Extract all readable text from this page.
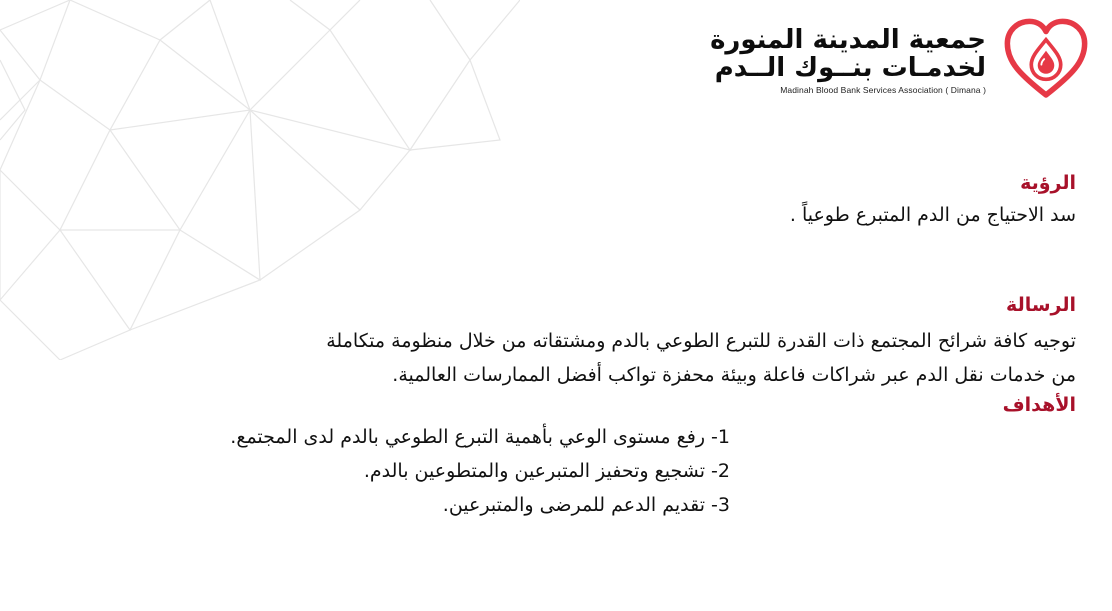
جمعية المدينة المنورة
لخدمـات بنــوك الــدم
Madinah Blood Bank Services Association ( Dimana )
الرؤية

سد الاحتياج من الدم المتبرع طوعياً .

الرسالة

توجيه كافة شرائح المجتمع ذات القدرة للتبرع الطوعي بالدم ومشتقاته من خلال منظومة متكاملة

من خدمات نقل الدم عبر شراكات فاعلة وبيئة محفزة تواكب أفضل الممارسات العالمية.

الأهداف
1- رفع مستوى الوعي بأهمية التبرع الطوعي بالدم لدى المجتمع.
2- تشجيع وتحفيز المتبرعين والمتطوعين بالدم.
3- تقديم الدعم للمرضى والمتبرعين.
